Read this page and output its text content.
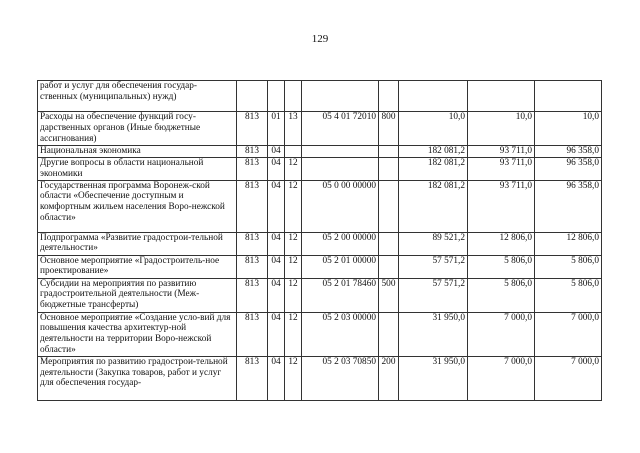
129
работ и услуг для обеспечения государ-ственных (муниципальных) нужд)								
Расходы на обеспечение функций госу-дарственных органов (Иные бюджетные ассигнования)	813	01	13	05 4 01 72010	800	10,0	10,0	10,0
Национальная экономика	813	04				182 081,2	93 711,0	96 358,0
Другие вопросы в области национальной экономики	813	04	12			182 081,2	93 711,0	96 358,0
Государственная программа Воронеж-ской области «Обеспечение доступным и комфортным жильем населения Воро-нежской области»	813	04	12	05 0 00 00000		182 081,2	93 711,0	96 358,0
Подпрограмма «Развитие градострои-тельной деятельности»	813	04	12	05 2 00 00000		89 521,2	12 806,0	12 806,0
Основное мероприятие «Градостроитель-ное проектирование»	813	04	12	05 2 01 00000		57 571,2	5 806,0	5 806,0
Субсидии на мероприятия по развитию градостроительной деятельности (Меж-бюджетные трансферты)	813	04	12	05 2 01 78460	500	57 571,2	5 806,0	5 806,0
Основное мероприятие «Создание усло-вий для повышения качества архитектур-ной деятельности на территории Воро-нежской области»	813	04	12	05 2 03 00000		31 950,0	7 000,0	7 000,0
Мероприятия по развитию градострои-тельной деятельности (Закупка товаров, работ и услуг для обеспечения государ-	813	04	12	05 2 03 70850	200	31 950,0	7 000,0	7 000,0
